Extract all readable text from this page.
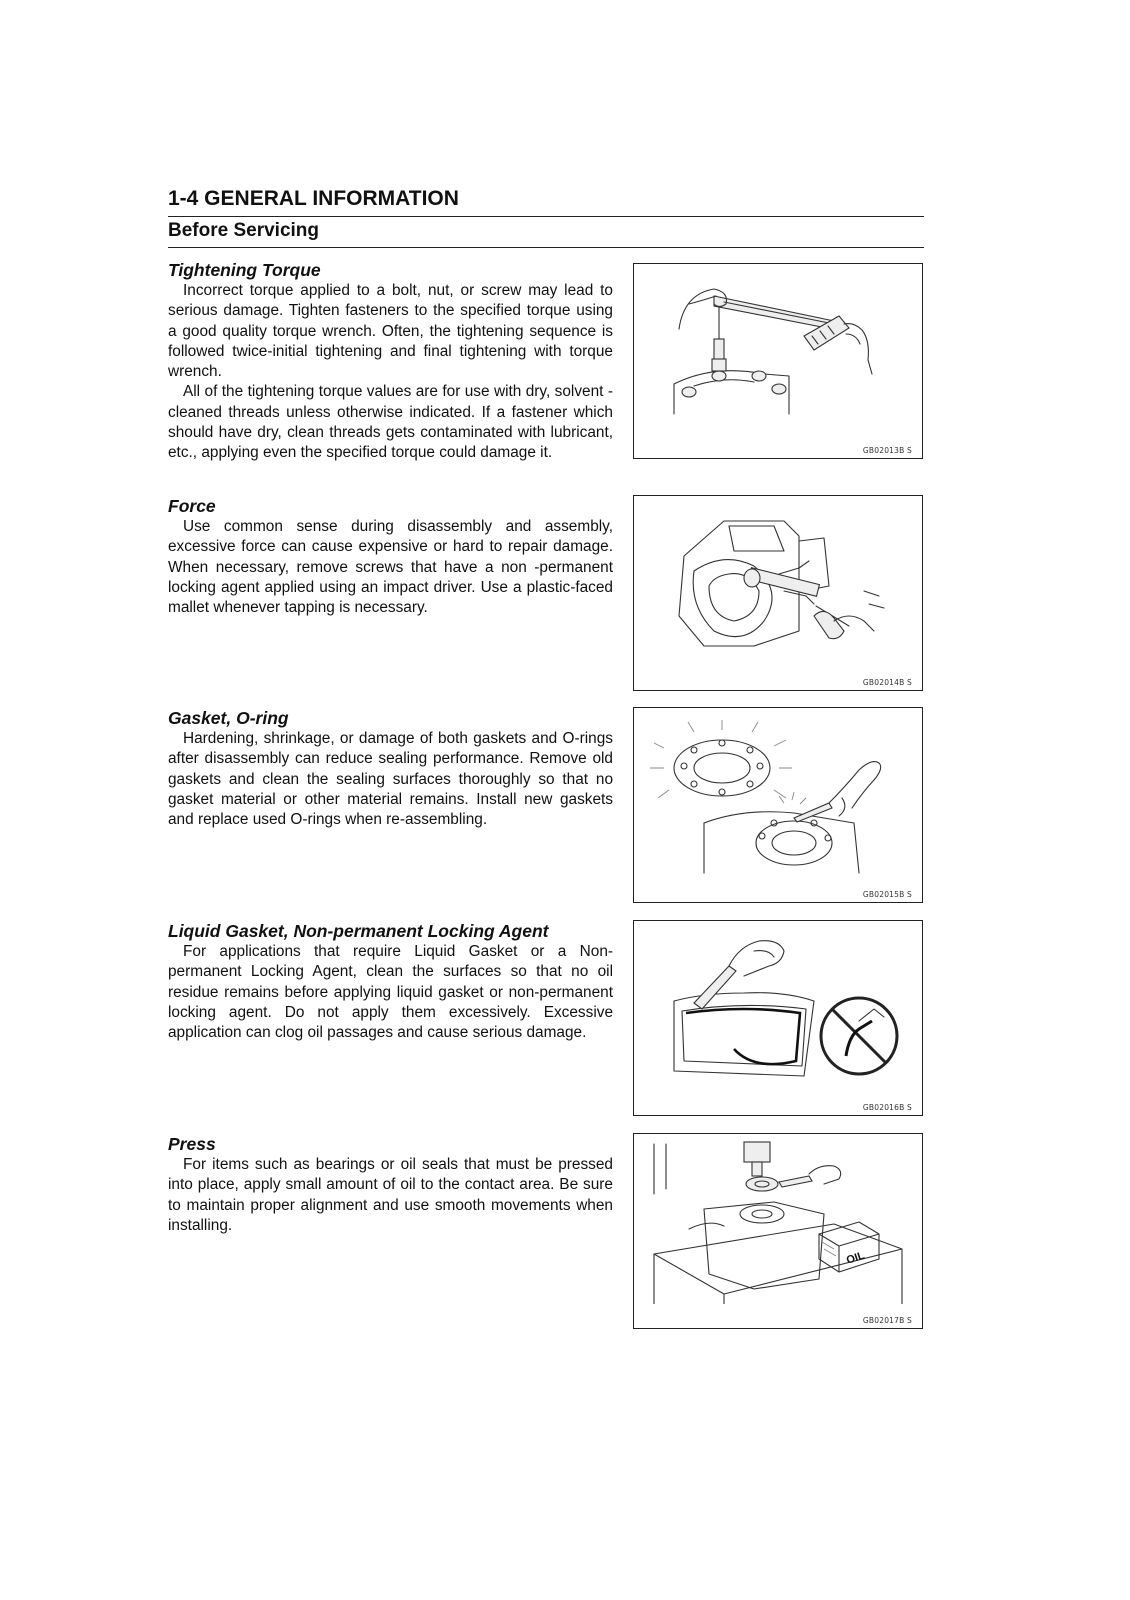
1-4 GENERAL INFORMATION
Before Servicing
Tightening Torque

Incorrect torque applied to a bolt, nut, or screw may lead to serious damage. Tighten fasteners to the specified torque using a good quality torque wrench. Often, the tightening sequence is followed twice-initial tightening and final tightening with torque wrench.

All of the tightening torque values are for use with dry, solvent - cleaned threads unless otherwise indicated. If a fastener which should have dry, clean threads gets contaminated with lubricant, etc., applying even the specified torque could damage it.

Force

Use common sense during disassembly and assembly, excessive force can cause expensive or hard to repair damage. When necessary, remove screws that have a non -permanent locking agent applied using an impact driver. Use a plastic-faced mallet whenever tapping is necessary.

Gasket, O-ring

Hardening, shrinkage, or damage of both gaskets and O-rings after disassembly can reduce sealing performance. Remove old gaskets and clean the sealing surfaces thoroughly so that no gasket material or other material remains. Install new gaskets and replace used O-rings when re-assembling.

Liquid Gasket, Non-permanent Locking Agent

For applications that require Liquid Gasket or a Non-permanent Locking Agent, clean the surfaces so that no oil residue remains before applying liquid gasket or non-permanent locking agent. Do not apply them excessively. Excessive application can clog oil passages and cause serious damage.

Press

For items such as bearings or oil seals that must be pressed into place, apply small amount of oil to the contact area. Be sure to maintain proper alignment and use smooth movements when installing.

GB02013B S
GB02014B S
GB02015B S
GB02016B S
OIL
GB02017B S
